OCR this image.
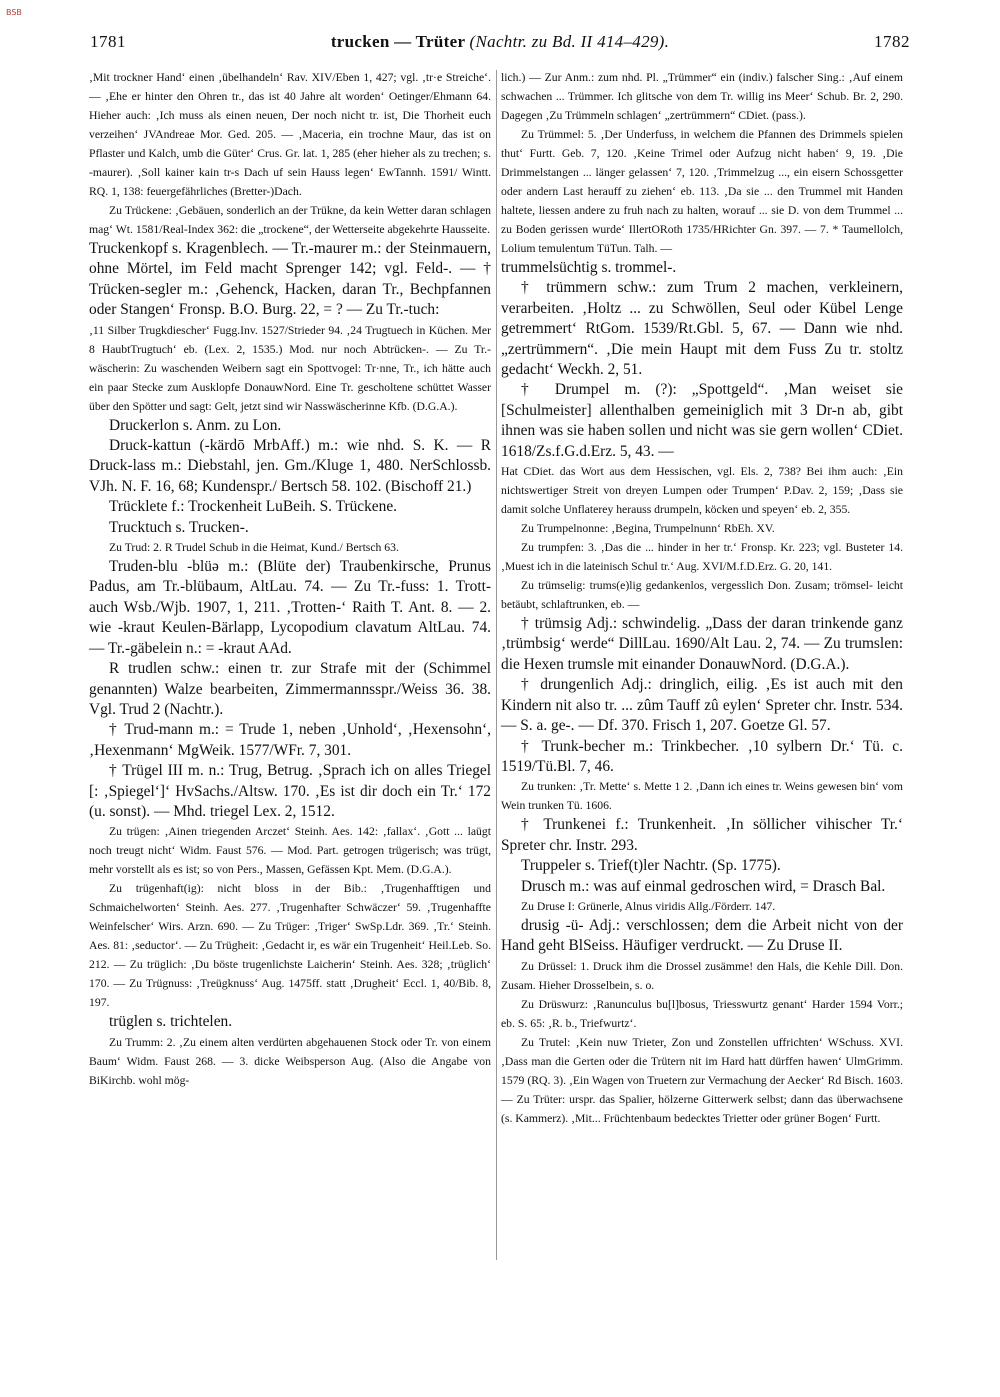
BSB
1781	trucken — Trüter (Nachtr. zu Bd. II 414–429).	1782

‚Mit trockner Hand‘ einen ‚übelhandeln‘ Rav. XIV/Eben 1, 427; vgl. ‚tr·e Streiche‘. — ‚Ehe er hinter den Ohren tr., das ist 40 Jahre alt worden‘ Oetinger/Ehmann 64. Hieher auch: ‚Ich muss als einen neuen, Der noch nicht tr. ist, Die Thorheit euch verzeihen‘ JVAndreae Mor. Ged. 205. — ‚Maceria, ein trochne Maur, das ist on Pflaster und Kalch, umb die Güter‘ Crus. Gr. lat. 1, 285 (eher hieher als zu trechen; s. -maurer). ‚Soll kainer kain tr-s Dach uf sein Hauss legen‘ EwTannh. 1591/ Wintt. RQ. 1, 138: feuergefährliches (Bretter-)Dach.

Zu Trückene: ‚Gebäuen, sonderlich an der Trükne, da kein Wetter daran schlagen mag‘ Wt. 1581/Real-Index 362: die „trockene“, der Wetterseite abgekehrte Hausseite.

Truckenkopf s. Kragenblech. — Tr.-maurer m.: der Steinmauern, ohne Mörtel, im Feld macht Sprenger 142; vgl. Feld-. — † Trücken-segler m.: ‚Gehenck, Hacken, daran Tr., Bechpfannen oder Stangen‘ Fronsp. B.O. Burg. 22, = ? — Zu Tr.-tuch:

‚11 Silber Trugkdiescher‘ Fugg.Inv. 1527/Strieder 94. ‚24 Trugtuech in Küchen. Mer 8 HaubtTrugtuch‘ eb. (Lex. 2, 1535.) Mod. nur noch Abtrücken-. — Zu Tr.-wäscherin: Zu waschenden Weibern sagt ein Spottvogel: Tr·nne, Tr., ich hätte auch ein paar Stecke zum Ausklopfe DonauwNord. Eine Tr. gescholtene schüttet Wasser über den Spötter und sagt: Gelt, jetzt sind wir Nasswäscherinne Kfb. (D.G.A.).

Druckerlon s. Anm. zu Lon.

Druck-kattun (-kärdō MrbAff.) m.: wie nhd. S. K. — R Druck-lass m.: Diebstahl, jen. Gm./Kluge 1, 480. NerSchlossb. VJh. N. F. 16, 68; Kundenspr./ Bertsch 58. 102. (Bischoff 21.)

Trücklete f.: Trockenheit LuBeih. S. Trückene.

Trucktuch s. Trucken-.

Zu Trud: 2. R Trudel Schub in die Heimat, Kund./ Bertsch 63.

Truden-blu -blüə m.: (Blüte der) Traubenkirsche, Prunus Padus, am Tr.-blübaum, AltLau. 74. — Zu Tr.-fuss: 1. Trott- auch Wsb./Wjb. 1907, 1, 211. ‚Trotten-‘ Raith T. Ant. 8. — 2. wie -kraut Keulen-Bärlapp, Lycopodium clavatum AltLau. 74. — Tr.-gäbelein n.: = -kraut AAd.

R trudlen schw.: einen tr. zur Strafe mit der (Schimmel genannten) Walze bearbeiten, Zimmermannsspr./Weiss 36. 38. Vgl. Trud 2 (Nachtr.).

† Trud-mann m.: = Trude 1, neben ‚Unhold‘, ‚Hexensohn‘, ‚Hexenmann‘ MgWeik. 1577/WFr. 7, 301.

† Trügel III m. n.: Trug, Betrug. ‚Sprach ich on alles Triegel [: ‚Spiegel‘]‘ HvSachs./Altsw. 170. ‚Es ist dir doch ein Tr.‘ 172 (u. sonst). — Mhd. triegel Lex. 2, 1512.

Zu trügen: ‚Ainen triegenden Arczet‘ Steinh. Aes. 142: ‚fallax‘. ‚Gott ... laügt noch treugt nicht‘ Widm. Faust 576. — Mod. Part. getrogen trügerisch; was trügt, mehr vorstellt als es ist; so von Pers., Massen, Gefässen Kpt. Mem. (D.G.A.).

Zu trügenhaft(ig): nicht bloss in der Bib.: ‚Trugenhafftigen und Schmaichelworten‘ Steinh. Aes. 277. ‚Trugenhafter Schwäczer‘ 59. ‚Trugenhaffte Weinfelscher‘ Wirs. Arzn. 690. — Zu Trüger: ‚Triger‘ SwSp.Ldr. 369. ‚Tr.‘ Steinh. Aes. 81: ‚seductor‘. — Zu Trügheit: ‚Gedacht ir, es wär ein Trugenheit‘ Heil.Leb. So. 212. — Zu trüglich: ‚Du böste trugenlichste Laicherin‘ Steinh. Aes. 328; ‚trüglich‘ 170. — Zu Trügnuss: ‚Treügknuss‘ Aug. 1475ff. statt ‚Drugheit‘ Eccl. 1, 40/Bib. 8, 197.

trüglen s. trichtelen.

Zu Trumm: 2. ‚Zu einem alten verdürten abgehauenen Stock oder Tr. von einem Baum‘ Widm. Faust 268. — 3. dicke Weibsperson Aug. (Also die Angabe von BiKirchb. wohl mög-

lich.) — Zur Anm.: zum nhd. Pl. „Trümmer“ ein (indiv.) falscher Sing.: ‚Auf einem schwachen ... Trümmer. Ich glitsche von dem Tr. willig ins Meer‘ Schub. Br. 2, 290. Dagegen ‚Zu Trümmeln schlagen‘ „zertrümmern“ CDiet. (pass.).

Zu Trümmel: 5. ‚Der Underfuss, in welchem die Pfannen des Drimmels spielen thut‘ Furtt. Geb. 7, 120. ‚Keine Trimel oder Aufzug nicht haben‘ 9, 19. ‚Die Drimmelstangen ... länger gelassen‘ 7, 120. ‚Trimmelzug ..., ein eisern Schossgetter oder andern Last herauff zu ziehen‘ eb. 113. ‚Da sie ... den Trummel mit Handen haltete, liessen andere zu fruh nach zu halten, worauf ... sie D. von dem Trummel ... zu Boden gerissen wurde‘ IllertORoth 1735/HRichter Gn. 397. — 7. * Taumellolch, Lolium temulentum TüTun. Talh. —

trummelsüchtig s. trommel-.

† trümmern schw.: zum Trum 2 machen, verkleinern, verarbeiten. ‚Holtz ... zu Schwöllen, Seul oder Kübel Lenge getremmert‘ RtGom. 1539/Rt.Gbl. 5, 67. — Dann wie nhd. „zertrümmern“. ‚Die mein Haupt mit dem Fuss Zu tr. stoltz gedacht‘ Weckh. 2, 51.

† Drumpel m. (?): „Spottgeld“. ‚Man weiset sie [Schulmeister] allenthalben gemeiniglich mit 3 Dr-n ab, gibt ihnen was sie haben sollen und nicht was sie gern wollen‘ CDiet. 1618/Zs.f.G.d.Erz. 5, 43. —

Hat CDiet. das Wort aus dem Hessischen, vgl. Els. 2, 738? Bei ihm auch: ‚Ein nichtswertiger Streit von dreyen Lumpen oder Trumpen‘ P.Dav. 2, 159; ‚Dass sie damit solche Unflaterey herauss drumpeln, köcken und speyen‘ eb. 2, 355.

Zu Trumpelnonne: ‚Begina, Trumpelnunn‘ RbEh. XV.

Zu trumpfen: 3. ‚Das die ... hinder in her tr.‘ Fronsp. Kr. 223; vgl. Busteter 14. ‚Muest ich in die lateinisch Schul tr.‘ Aug. XVI/M.f.D.Erz. G. 20, 141.

Zu trümselig: trums(e)lig gedankenlos, vergesslich Don. Zusam; trömsel- leicht betäubt, schlaftrunken, eb. —

† trümsig Adj.: schwindelig. „Dass der daran trinkende ganz ‚trümbsig‘ werde“ DillLau. 1690/Alt Lau. 2, 74. — Zu trumslen: die Hexen trumsle mit einander DonauwNord. (D.G.A.).

† drungenlich Adj.: dringlich, eilig. ‚Es ist auch mit den Kindern nit also tr. ... zûm Tauff zû eylen‘ Spreter chr. Instr. 534. — S. a. ge-. — Df. 370. Frisch 1, 207. Goetze Gl. 57.

† Trunk-becher m.: Trinkbecher. ‚10 sylbern Dr.‘ Tü. c. 1519/Tü.Bl. 7, 46.

Zu trunken: ‚Tr. Mette‘ s. Mette 1 2. ‚Dann ich eines tr. Weins gewesen bin‘ vom Wein trunken Tü. 1606.

† Trunkenei f.: Trunkenheit. ‚In söllicher vihischer Tr.‘ Spreter chr. Instr. 293.

Truppeler s. Trief(t)ler Nachtr. (Sp. 1775).

Drusch m.: was auf einmal gedroschen wird, = Drasch Bal.

Zu Druse I: Grünerle, Alnus viridis Allg./Förderr. 147.

drusig -ü- Adj.: verschlossen; dem die Arbeit nicht von der Hand geht BlSeiss. Häufiger verdruckt. — Zu Druse II.

Zu Drüssel: 1. Druck ihm die Drossel zusämme! den Hals, die Kehle Dill. Don. Zusam. Hieher Drosselbein, s. o.

Zu Drüswurz: ‚Ranunculus bu[l]bosus, Triesswurtz genant‘ Harder 1594 Vorr.; eb. S. 65: ‚R. b., Triefwurtz‘.

Zu Trutel: ‚Kein nuw Trieter, Zon und Zonstellen uffrichten‘ WSchuss. XVI. ‚Dass man die Gerten oder die Trütern nit im Hard hatt dürffen hawen‘ UlmGrimm. 1579 (RQ. 3). ‚Ein Wagen von Truetern zur Vermachung der Aecker‘ Rd Bisch. 1603. — Zu Trüter: urspr. das Spalier, hölzerne Gitterwerk selbst; dann das überwachsene (s. Kammerz). ‚Mit... Früchtenbaum bedecktes Trietter oder grüner Bogen‘ Furtt.
